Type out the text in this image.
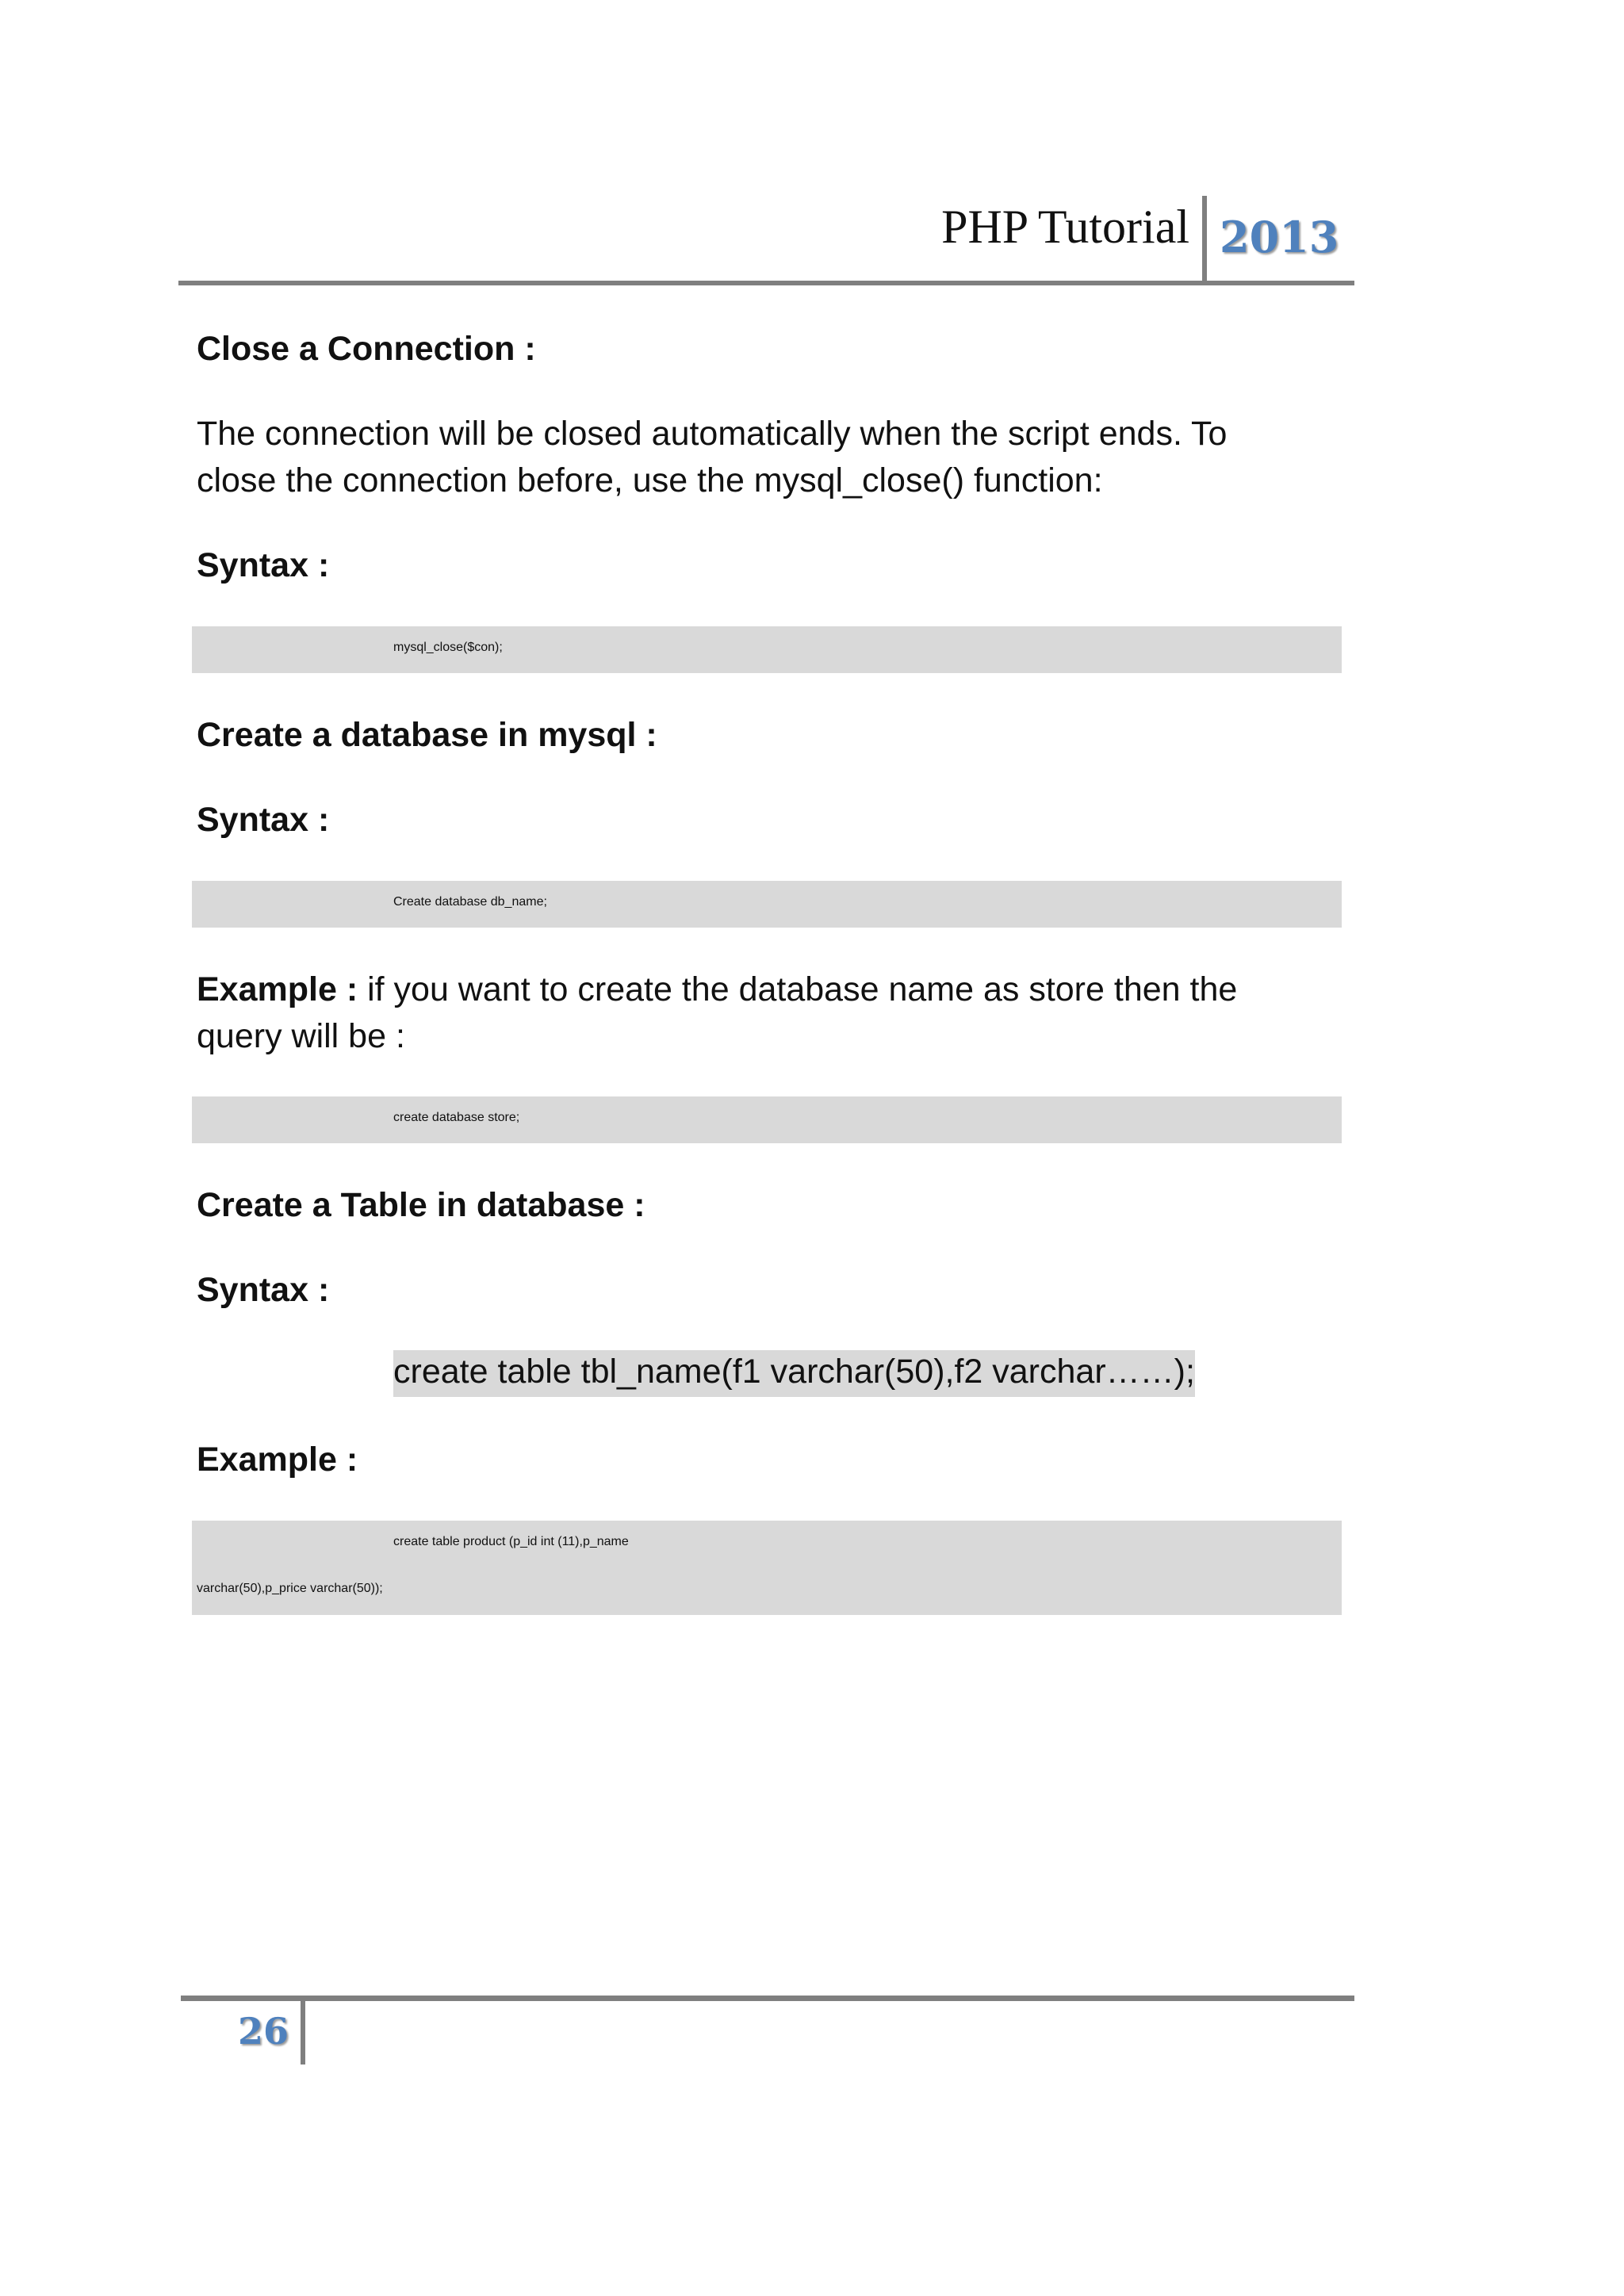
PHP Tutorial 2013
mysql_close($con);
Create database db_name;
create database store;
create table product (p_id int (11),p_name
varchar(50),p_price varchar(50));
create table tbl_name(f1 varchar(50),f2 varchar……);
Close a Connection :
The connection will be closed automatically when the script ends. To
close the connection before, use the mysql_close() function:
Syntax :
Create a database in mysql :
Syntax :
Example : if you want to create the database name as store then the
query will be :
Create a Table in database :
Syntax :
Example :
26
